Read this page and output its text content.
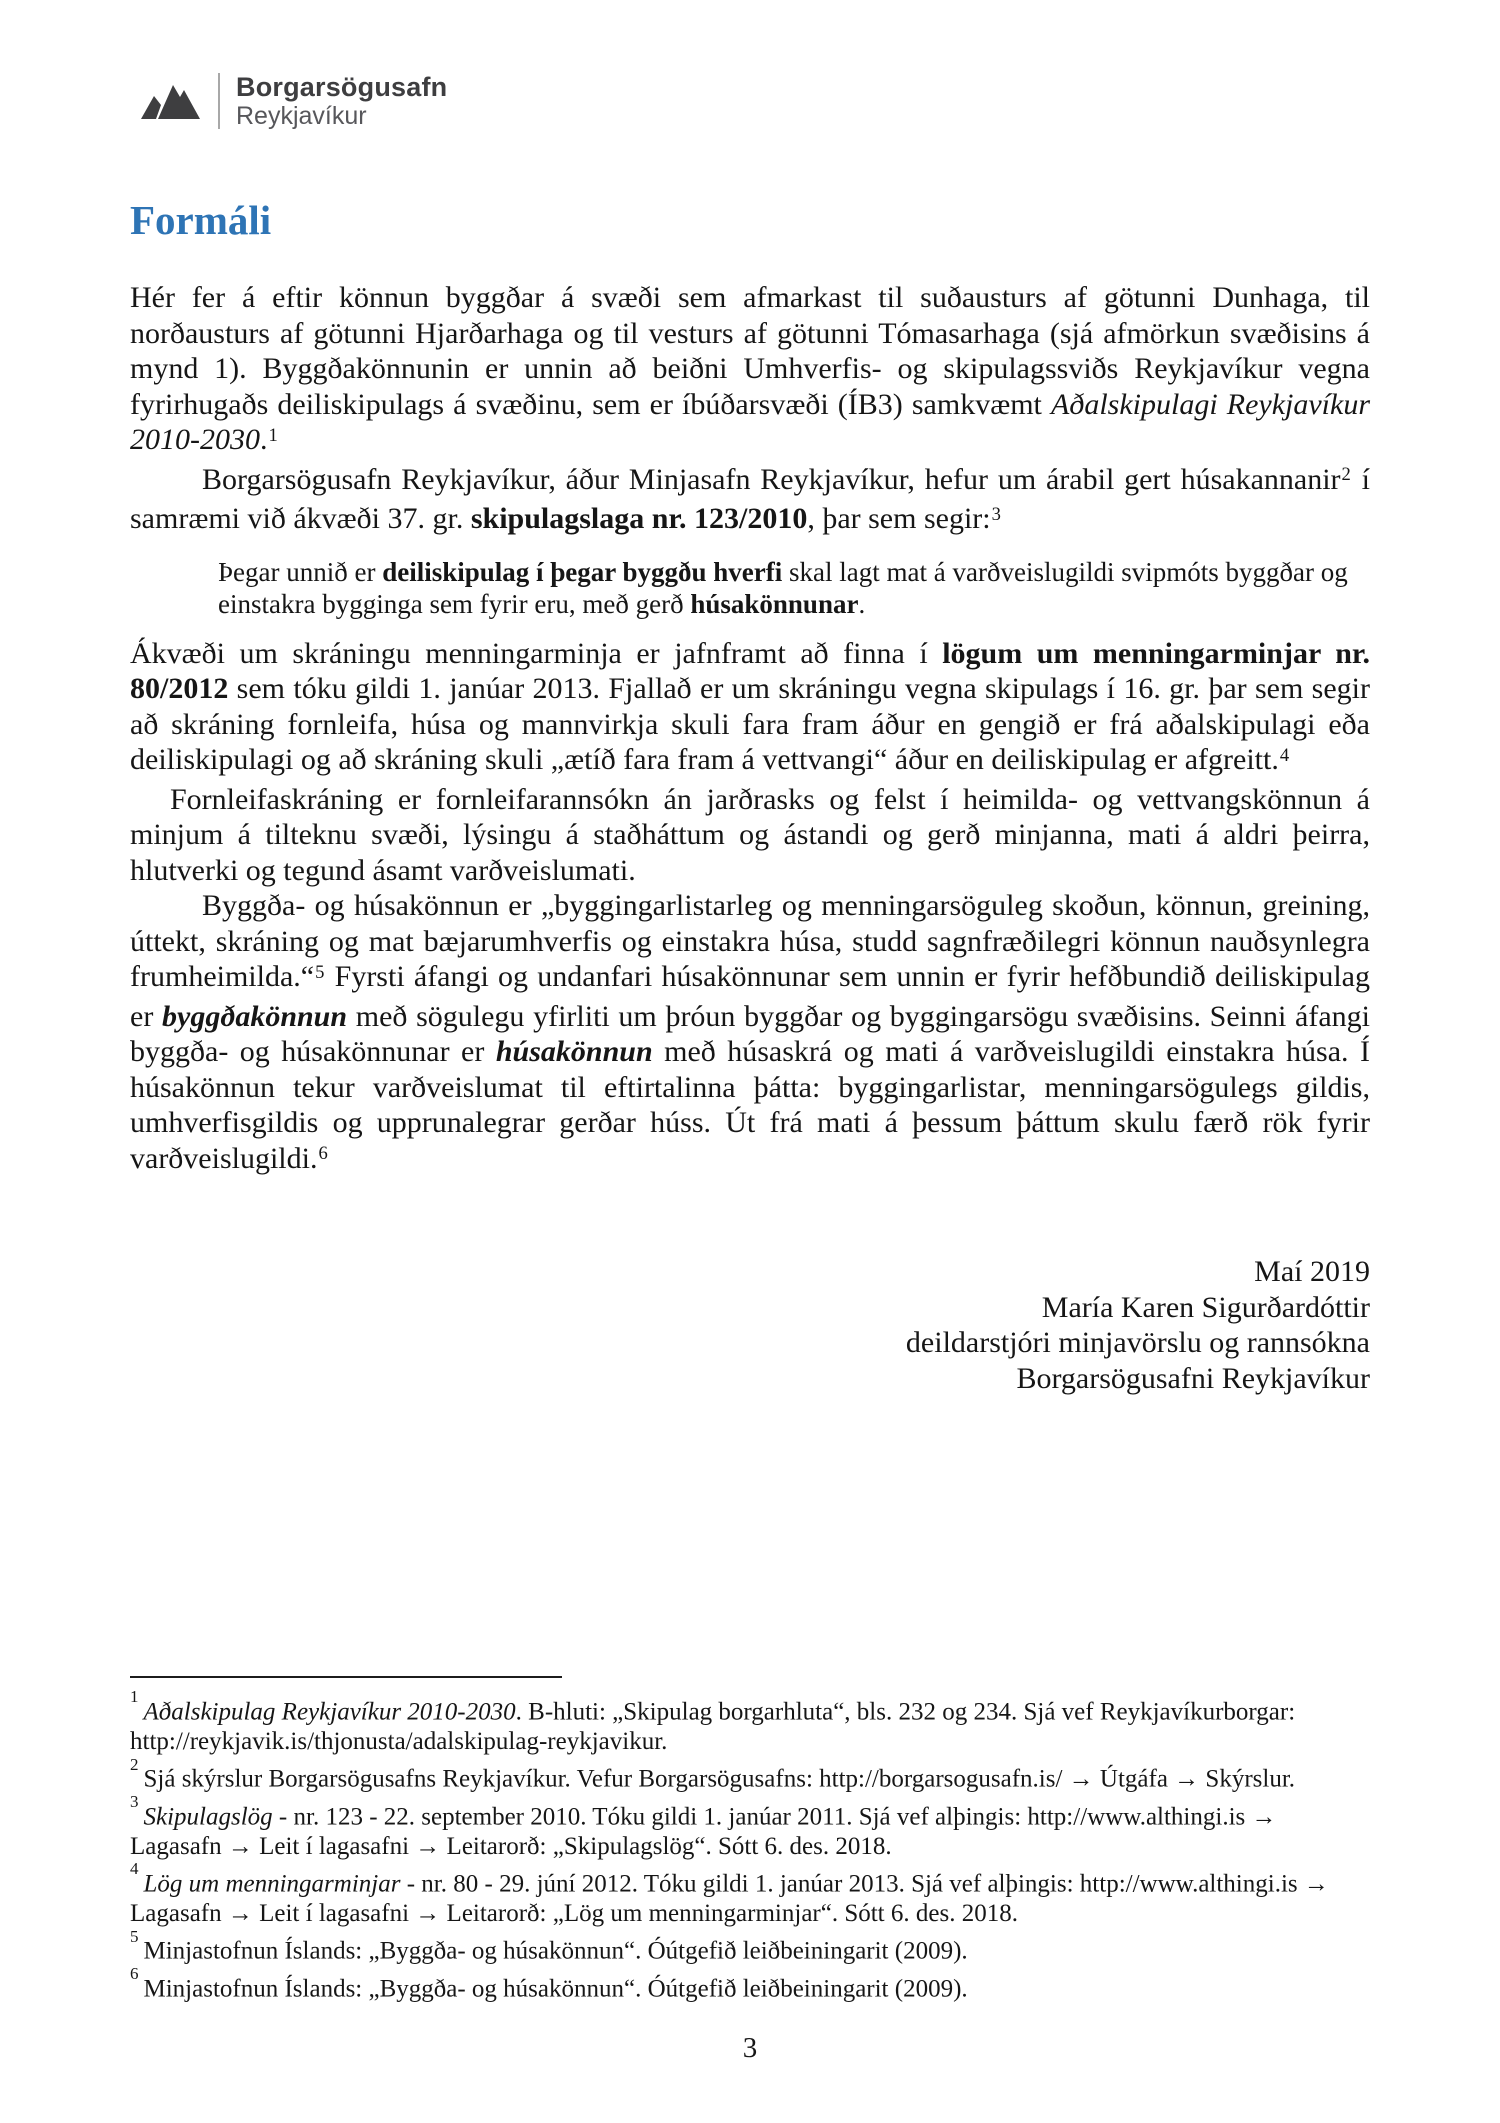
Borgarsögusafn
Reykjavíkur
Formáli

Hér fer á eftir könnun byggðar á svæði sem afmarkast til suðausturs af götunni Dunhaga, til norðausturs af götunni Hjarðarhaga og til vesturs af götunni Tómasarhaga (sjá afmörkun svæðisins á mynd 1). Byggðakönnunin er unnin að beiðni Umhverfis- og skipulagssviðs Reykjavíkur vegna fyrirhugaðs deiliskipulags á svæðinu, sem er íbúðarsvæði (ÍB3) samkvæmt Aðalskipulagi Reykjavíkur 2010-2030.$^1$

Borgarsögusafn Reykjavíkur, áður Minjasafn Reykjavíkur, hefur um árabil gert húsakannanir$^2$ í samræmi við ákvæði 37. gr. skipulagslaga nr. 123/2010, þar sem segir:$^3$

Þegar unnið er deiliskipulag í þegar byggðu hverfi skal lagt mat á varðveislugildi svipmóts byggðar og einstakra bygginga sem fyrir eru, með gerð húsakönnunar.

Ákvæði um skráningu menningarminja er jafnframt að finna í lögum um menningarminjar nr. 80/2012 sem tóku gildi 1. janúar 2013. Fjallað er um skráningu vegna skipulags í 16. gr. þar sem segir að skráning fornleifa, húsa og mannvirkja skuli fara fram áður en gengið er frá aðalskipulagi eða deiliskipulagi og að skráning skuli „ætíð fara fram á vettvangi“ áður en deiliskipulag er afgreitt.$^4$

Fornleifaskráning er fornleifarannsókn án jarðrasks og felst í heimilda- og vettvangskönnun á minjum á tilteknu svæði, lýsingu á staðháttum og ástandi og gerð minjanna, mati á aldri þeirra, hlutverki og tegund ásamt varðveislumati.

Byggða- og húsakönnun er „byggingarlistarleg og menningarsöguleg skoðun, könnun, greining, úttekt, skráning og mat bæjarumhverfis og einstakra húsa, studd sagnfræðilegri könnun nauðsynlegra frumheimilda.“$^5$ Fyrsti áfangi og undanfari húsakönnunar sem unnin er fyrir hefðbundið deiliskipulag er byggðakönnun með sögulegu yfirliti um þróun byggðar og byggingarsögu svæðisins. Seinni áfangi byggða- og húsakönnunar er húsakönnun með húsaskrá og mati á varðveislugildi einstakra húsa. Í húsakönnun tekur varðveislumat til eftirtalinna þátta: byggingarlistar, menningarsögulegs gildis, umhverfisgildis og upprunalegrar gerðar húss. Út frá mati á þessum þáttum skulu færð rök fyrir varðveislugildi.$^6$

Maí 2019
María Karen Sigurðardóttir
deildarstjóri minjavörslu og rannsókna
Borgarsögusafni Reykjavíkur
$^1$Aðalskipulag Reykjavíkur 2010-2030. B-hluti: „Skipulag borgarhluta“, bls. 232 og 234. Sjá vef Reykjavíkurborgar: http://reykjavik.is/thjonusta/adalskipulag-reykjavikur.
$^2$Sjá skýrslur Borgarsögusafns Reykjavíkur. Vefur Borgarsögusafns: http://borgarsogusafn.is/ → Útgáfa → Skýrslur.
$^3$Skipulagslög - nr. 123 - 22. september 2010. Tóku gildi 1. janúar 2011. Sjá vef alþingis: http://www.althingi.is → Lagasafn → Leit í lagasafni → Leitarorð: „Skipulagslög“. Sótt 6. des. 2018.
$^4$Lög um menningarminjar - nr. 80 - 29. júní 2012. Tóku gildi 1. janúar 2013. Sjá vef alþingis: http://www.althingi.is → Lagasafn → Leit í lagasafni → Leitarorð: „Lög um menningarminjar“. Sótt 6. des. 2018.
$^5$Minjastofnun Íslands: „Byggða- og húsakönnun“. Óútgefið leiðbeiningarit (2009).
$^6$Minjastofnun Íslands: „Byggða- og húsakönnun“. Óútgefið leiðbeiningarit (2009).
3
